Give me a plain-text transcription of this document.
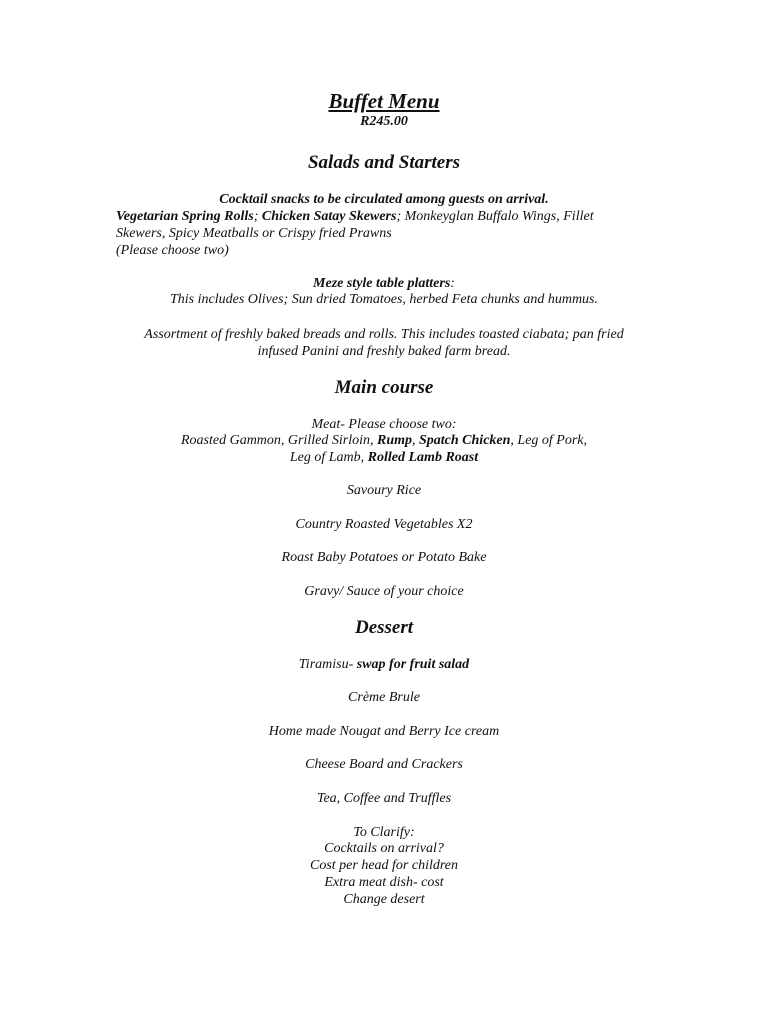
Buffet Menu
R245.00
Salads and Starters
Cocktail snacks to be circulated among guests on arrival.
Vegetarian Spring Rolls; Chicken Satay Skewers; Monkeyglan Buffalo Wings, Fillet
Skewers, Spicy Meatballs or Crispy fried Prawns
(Please choose two)
Meze style table platters:
This includes Olives; Sun dried Tomatoes, herbed Feta chunks and hummus.
Assortment of freshly baked breads and rolls. This includes toasted ciabata; pan fried
infused Panini and freshly baked farm bread.
Main course
Meat- Please choose two:
Roasted Gammon, Grilled Sirloin, Rump, Spatch Chicken, Leg of Pork,
Leg of Lamb, Rolled Lamb Roast
Savoury Rice
Country Roasted Vegetables X2
Roast Baby Potatoes or Potato Bake
Gravy/ Sauce of your choice
Dessert
Tiramisu- swap for fruit salad
Crème Brule
Home made Nougat and Berry Ice cream
Cheese Board and Crackers
Tea, Coffee and Truffles
To Clarify:
Cocktails on arrival?
Cost per head for children
Extra meat dish- cost
Change desert
